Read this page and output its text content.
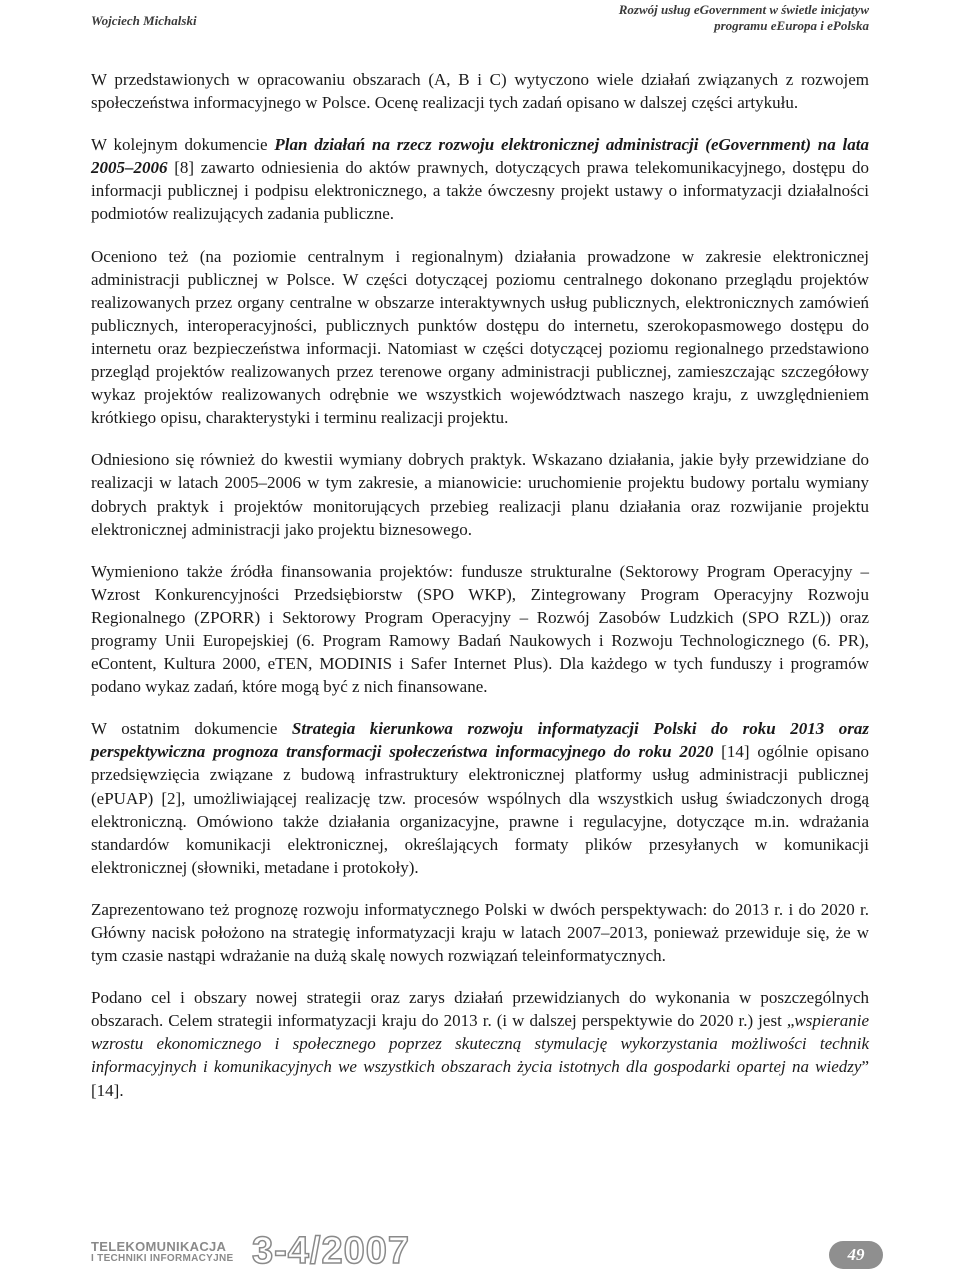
Wojciech Michalski
Rozwój usług eGovernment w świetle inicjatyw
programu eEuropa i ePolska

W przedstawionych w opracowaniu obszarach (A, B i C) wytyczono wiele działań związanych z rozwojem społeczeństwa informacyjnego w Polsce. Ocenę realizacji tych zadań opisano w dalszej części artykułu.

W kolejnym dokumencie Plan działań na rzecz rozwoju elektronicznej administracji (eGovernment) na lata 2005–2006 [8] zawarto odniesienia do aktów prawnych, dotyczących prawa telekomunikacyjnego, dostępu do informacji publicznej i podpisu elektronicznego, a także ówczesny projekt ustawy o informatyzacji działalności podmiotów realizujących zadania publiczne.

Oceniono też (na poziomie centralnym i regionalnym) działania prowadzone w zakresie elektronicznej administracji publicznej w Polsce. W części dotyczącej poziomu centralnego dokonano przeglądu projektów realizowanych przez organy centralne w obszarze interaktywnych usług publicznych, elektronicznych zamówień publicznych, interoperacyjności, publicznych punktów dostępu do internetu, szerokopasmowego dostępu do internetu oraz bezpieczeństwa informacji. Natomiast w części dotyczącej poziomu regionalnego przedstawiono przegląd projektów realizowanych przez terenowe organy administracji publicznej, zamieszczając szczegółowy wykaz projektów realizowanych odrębnie we wszystkich województwach naszego kraju, z uwzględnieniem krótkiego opisu, charakterystyki i terminu realizacji projektu.

Odniesiono się również do kwestii wymiany dobrych praktyk. Wskazano działania, jakie były przewidziane do realizacji w latach 2005–2006 w tym zakresie, a mianowicie: uruchomienie projektu budowy portalu wymiany dobrych praktyk i projektów monitorujących przebieg realizacji planu działania oraz rozwijanie projektu elektronicznej administracji jako projektu biznesowego.

Wymieniono także źródła finansowania projektów: fundusze strukturalne (Sektorowy Program Operacyjny – Wzrost Konkurencyjności Przedsiębiorstw (SPO WKP), Zintegrowany Program Operacyjny Rozwoju Regionalnego (ZPORR) i Sektorowy Program Operacyjny – Rozwój Zasobów Ludzkich (SPO RZL)) oraz programy Unii Europejskiej (6. Program Ramowy Badań Naukowych i Rozwoju Technologicznego (6. PR), eContent, Kultura 2000, eTEN, MODINIS i Safer Internet Plus). Dla każdego w tych funduszy i programów podano wykaz zadań, które mogą być z nich finansowane.

W ostatnim dokumencie Strategia kierunkowa rozwoju informatyzacji Polski do roku 2013 oraz perspektywiczna prognoza transformacji społeczeństwa informacyjnego do roku 2020 [14] ogólnie opisano przedsięwzięcia związane z budową infrastruktury elektronicznej platformy usług administracji publicznej (ePUAP) [2], umożliwiającej realizację tzw. procesów wspólnych dla wszystkich usług świadczonych drogą elektroniczną. Omówiono także działania organizacyjne, prawne i regulacyjne, dotyczące m.in. wdrażania standardów komunikacji elektronicznej, określających formaty plików przesyłanych w komunikacji elektronicznej (słowniki, metadane i protokoły).

Zaprezentowano też prognozę rozwoju informatycznego Polski w dwóch perspektywach: do 2013 r. i do 2020 r. Główny nacisk położono na strategię informatyzacji kraju w latach 2007–2013, ponieważ przewiduje się, że w tym czasie nastąpi wdrażanie na dużą skalę nowych rozwiązań teleinformatycznych.

Podano cel i obszary nowej strategii oraz zarys działań przewidzianych do wykonania w poszczególnych obszarach. Celem strategii informatyzacji kraju do 2013 r. (i w dalszej perspektywie do 2020 r.) jest „wspieranie wzrostu ekonomicznego i społecznego poprzez skuteczną stymulację wykorzystania możliwości technik informacyjnych i komunikacyjnych we wszystkich obszarach życia istotnych dla gospodarki opartej na wiedzy” [14].

TELEKOMUNIKACJA
I TECHNIKI INFORMACYJNE 3-4/2007	49
